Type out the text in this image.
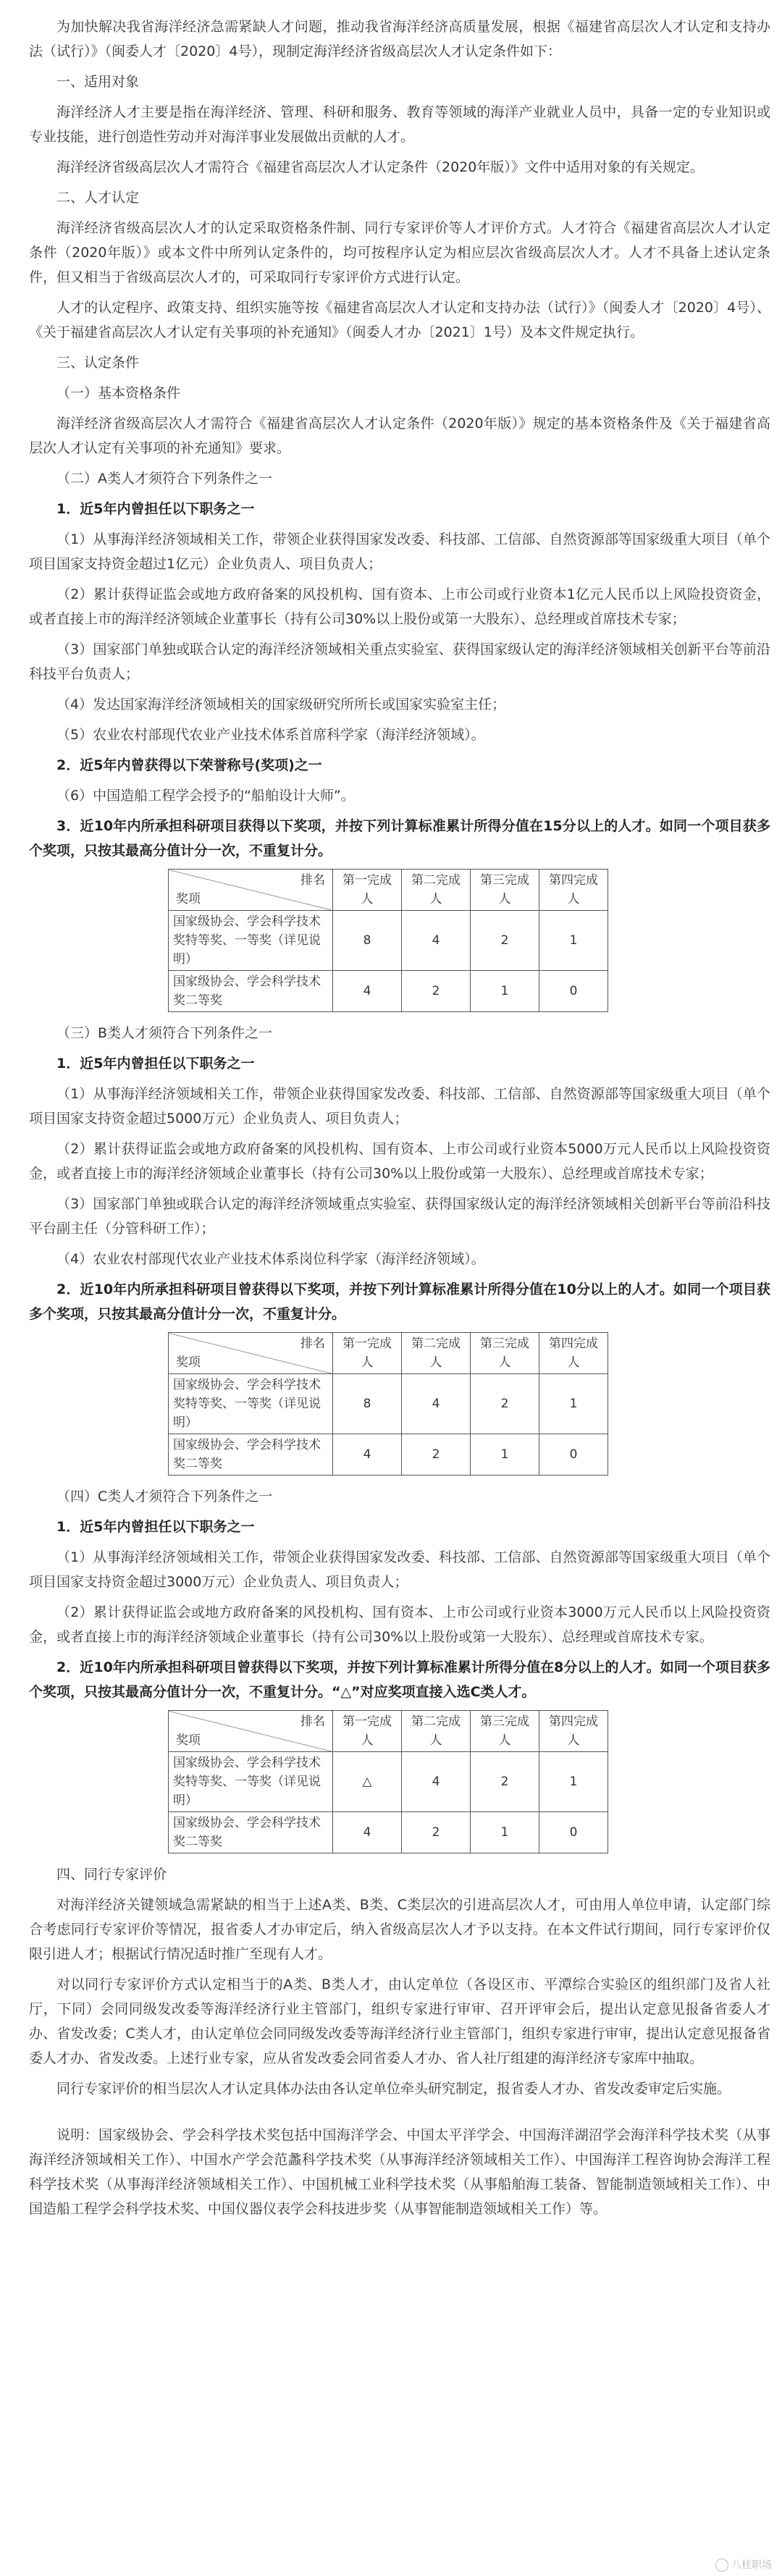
为加快解决我省海洋经济急需紧缺人才问题，推动我省海洋经济高质量发展，根据《福建省高层次人才认定和支持办法（试行）》（闽委人才〔2020〕4号），现制定海洋经济省级高层次人才认定条件如下：

一、适用对象

海洋经济人才主要是指在海洋经济、管理、科研和服务、教育等领域的海洋产业就业人员中，具备一定的专业知识或专业技能，进行创造性劳动并对海洋事业发展做出贡献的人才。

海洋经济省级高层次人才需符合《福建省高层次人才认定条件（2020年版）》文件中适用对象的有关规定。

二、人才认定

海洋经济省级高层次人才的认定采取资格条件制、同行专家评价等人才评价方式。人才符合《福建省高层次人才认定条件（2020年版）》或本文件中所列认定条件的，均可按程序认定为相应层次省级高层次人才。人才不具备上述认定条件，但又相当于省级高层次人才的，可采取同行专家评价方式进行认定。

人才的认定程序、政策支持、组织实施等按《福建省高层次人才认定和支持办法（试行）》（闽委人才〔2020〕4号）、《关于福建省高层次人才认定有关事项的补充通知》（闽委人才办〔2021〕1号）及本文件规定执行。

三、认定条件

（一）基本资格条件

海洋经济省级高层次人才需符合《福建省高层次人才认定条件（2020年版）》规定的基本资格条件及《关于福建省高层次人才认定有关事项的补充通知》要求。

（二）A类人才须符合下列条件之一

1．近5年内曾担任以下职务之一

（1）从事海洋经济领域相关工作，带领企业获得国家发改委、科技部、工信部、自然资源部等国家级重大项目（单个项目国家支持资金超过1亿元）企业负责人、项目负责人；

（2）累计获得证监会或地方政府备案的风投机构、国有资本、上市公司或行业资本1亿元人民币以上风险投资资金，或者直接上市的海洋经济领域企业董事长（持有公司30%以上股份或第一大股东）、总经理或首席技术专家；

（3）国家部门单独或联合认定的海洋经济领域相关重点实验室、获得国家级认定的海洋经济领域相关创新平台等前沿科技平台负责人；

（4）发达国家海洋经济领域相关的国家级研究所所长或国家实验室主任；

（5）农业农村部现代农业产业技术体系首席科学家（海洋经济领域）。

2．近5年内曾获得以下荣誉称号(奖项)之一

（6）中国造船工程学会授予的“船舶设计大师”。

3．近10年内所承担科研项目获得以下奖项，并按下列计算标准累计所得分值在15分以上的人才。如同一个项目获多个奖项，只按其最高分值计分一次，不重复计分。

排名
奖项	第一完成人	第二完成人	第三完成人	第四完成人
国家级协会、学会科学技术奖特等奖、一等奖（详见说明）	8	4	2	1
国家级协会、学会科学技术奖二等奖	4	2	1	0

（三）B类人才须符合下列条件之一

1．近5年内曾担任以下职务之一

（1）从事海洋经济领域相关工作，带领企业获得国家发改委、科技部、工信部、自然资源部等国家级重大项目（单个项目国家支持资金超过5000万元）企业负责人、项目负责人；

（2）累计获得证监会或地方政府备案的风投机构、国有资本、上市公司或行业资本5000万元人民币以上风险投资资金，或者直接上市的海洋经济领域企业董事长（持有公司30%以上股份或第一大股东）、总经理或首席技术专家；

（3）国家部门单独或联合认定的海洋经济领域重点实验室、获得国家级认定的海洋经济领域相关创新平台等前沿科技平台副主任（分管科研工作）；

（4）农业农村部现代农业产业技术体系岗位科学家（海洋经济领域）。

2．近10年内所承担科研项目曾获得以下奖项，并按下列计算标准累计所得分值在10分以上的人才。如同一个项目获多个奖项，只按其最高分值计分一次，不重复计分。

排名
奖项	第一完成人	第二完成人	第三完成人	第四完成人
国家级协会、学会科学技术奖特等奖、一等奖（详见说明）	8	4	2	1
国家级协会、学会科学技术奖二等奖	4	2	1	0

（四）C类人才须符合下列条件之一

1．近5年内曾担任以下职务之一

（1）从事海洋经济领域相关工作，带领企业获得国家发改委、科技部、工信部、自然资源部等国家级重大项目（单个项目国家支持资金超过3000万元）企业负责人、项目负责人；

（2）累计获得证监会或地方政府备案的风投机构、国有资本、上市公司或行业资本3000万元人民币以上风险投资资金，或者直接上市的海洋经济领域企业董事长（持有公司30%以上股份或第一大股东）、总经理或首席技术专家。

2．近10年内所承担科研项目曾获得以下奖项，并按下列计算标准累计所得分值在8分以上的人才。如同一个项目获多个奖项，只按其最高分值计分一次，不重复计分。“△”对应奖项直接入选C类人才。

排名
奖项	第一完成人	第二完成人	第三完成人	第四完成人
国家级协会、学会科学技术奖特等奖、一等奖（详见说明）	△	4	2	1
国家级协会、学会科学技术奖二等奖	4	2	1	0

四、同行专家评价

对海洋经济关键领域急需紧缺的相当于上述A类、B类、C类层次的引进高层次人才，可由用人单位申请，认定部门综合考虑同行专家评价等情况，报省委人才办审定后，纳入省级高层次人才予以支持。在本文件试行期间，同行专家评价仅限引进人才；根据试行情况适时推广至现有人才。

对以同行专家评价方式认定相当于的A类、B类人才，由认定单位（各设区市、平潭综合实验区的组织部门及省人社厅，下同）会同同级发改委等海洋经济行业主管部门，组织专家进行审审、召开评审会后，提出认定意见报备省委人才办、省发改委；C类人才，由认定单位会同同级发改委等海洋经济行业主管部门，组织专家进行审审，提出认定意见报备省委人才办、省发改委。上述行业专家，应从省发改委会同省委人才办、省人社厅组建的海洋经济专家库中抽取。

同行专家评价的相当层次人才认定具体办法由各认定单位牵头研究制定，报省委人才办、省发改委审定后实施。

说明：国家级协会、学会科学技术奖包括中国海洋学会、中国太平洋学会、中国海洋湖沼学会海洋科学技术奖（从事海洋经济领域相关工作）、中国水产学会范蠡科学技术奖（从事海洋经济领域相关工作）、中国海洋工程咨询协会海洋工程科学技术奖（从事海洋经济领域相关工作）、中国机械工业科学技术奖（从事船舶海工装备、智能制造领域相关工作）、中国造船工程学会科学技术奖、中国仪器仪表学会科技进步奖（从事智能制造领域相关工作）等。

八桂职场
